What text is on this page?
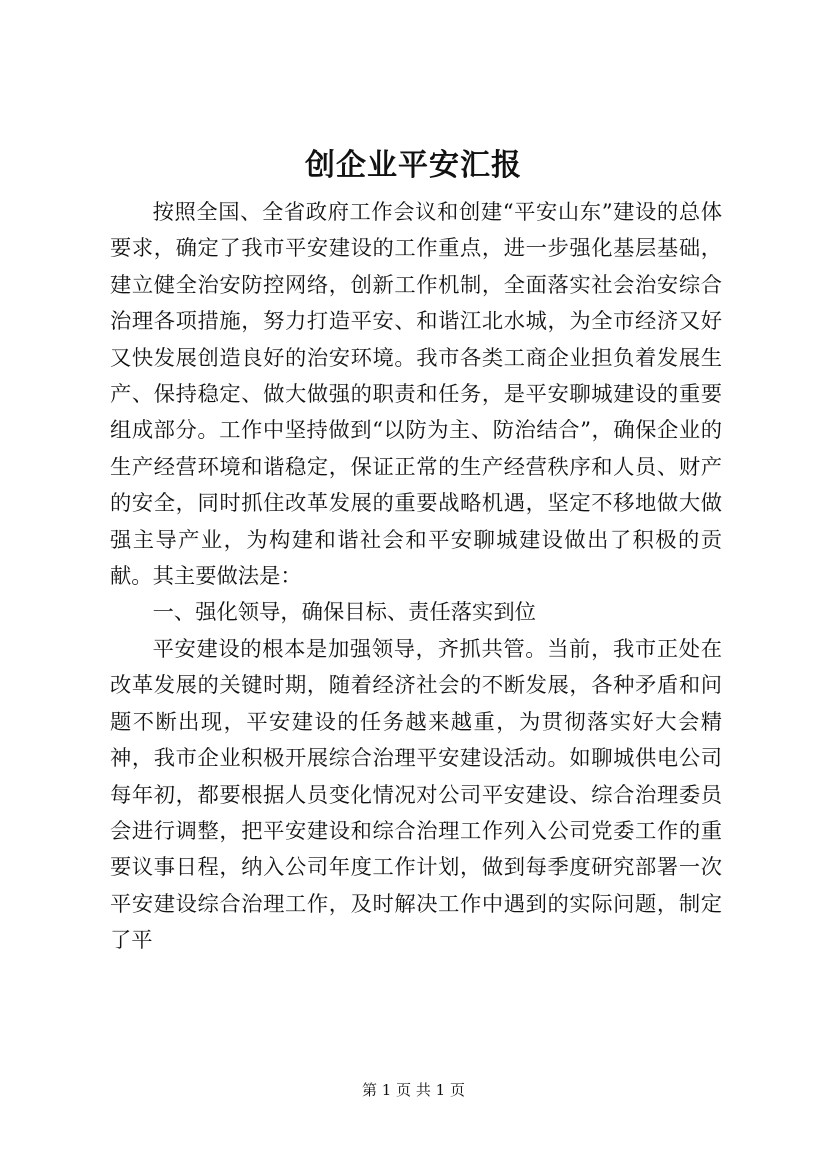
创企业平安汇报

按照全国、全省政府工作会议和创建“平安山东”建设的总体要求，确定了我市平安建设的工作重点，进一步强化基层基础，建立健全治安防控网络，创新工作机制，全面落实社会治安综合治理各项措施，努力打造平安、和谐江北水城，为全市经济又好又快发展创造良好的治安环境。我市各类工商企业担负着发展生产、保持稳定、做大做强的职责和任务，是平安聊城建设的重要组成部分。工作中坚持做到“以防为主、防治结合”，确保企业的生产经营环境和谐稳定，保证正常的生产经营秩序和人员、财产的安全，同时抓住改革发展的重要战略机遇，坚定不移地做大做强主导产业，为构建和谐社会和平安聊城建设做出了积极的贡献。其主要做法是：

一、强化领导，确保目标、责任落实到位

平安建设的根本是加强领导，齐抓共管。当前，我市正处在改革发展的关键时期，随着经济社会的不断发展，各种矛盾和问题不断出现，平安建设的任务越来越重，为贯彻落实好大会精神，我市企业积极开展综合治理平安建设活动。如聊城供电公司每年初，都要根据人员变化情况对公司平安建设、综合治理委员会进行调整，把平安建设和综合治理工作列入公司党委工作的重要议事日程，纳入公司年度工作计划，做到每季度研究部署一次平安建设综合治理工作，及时解决工作中遇到的实际问题，制定了平

第 1 页 共 1 页
